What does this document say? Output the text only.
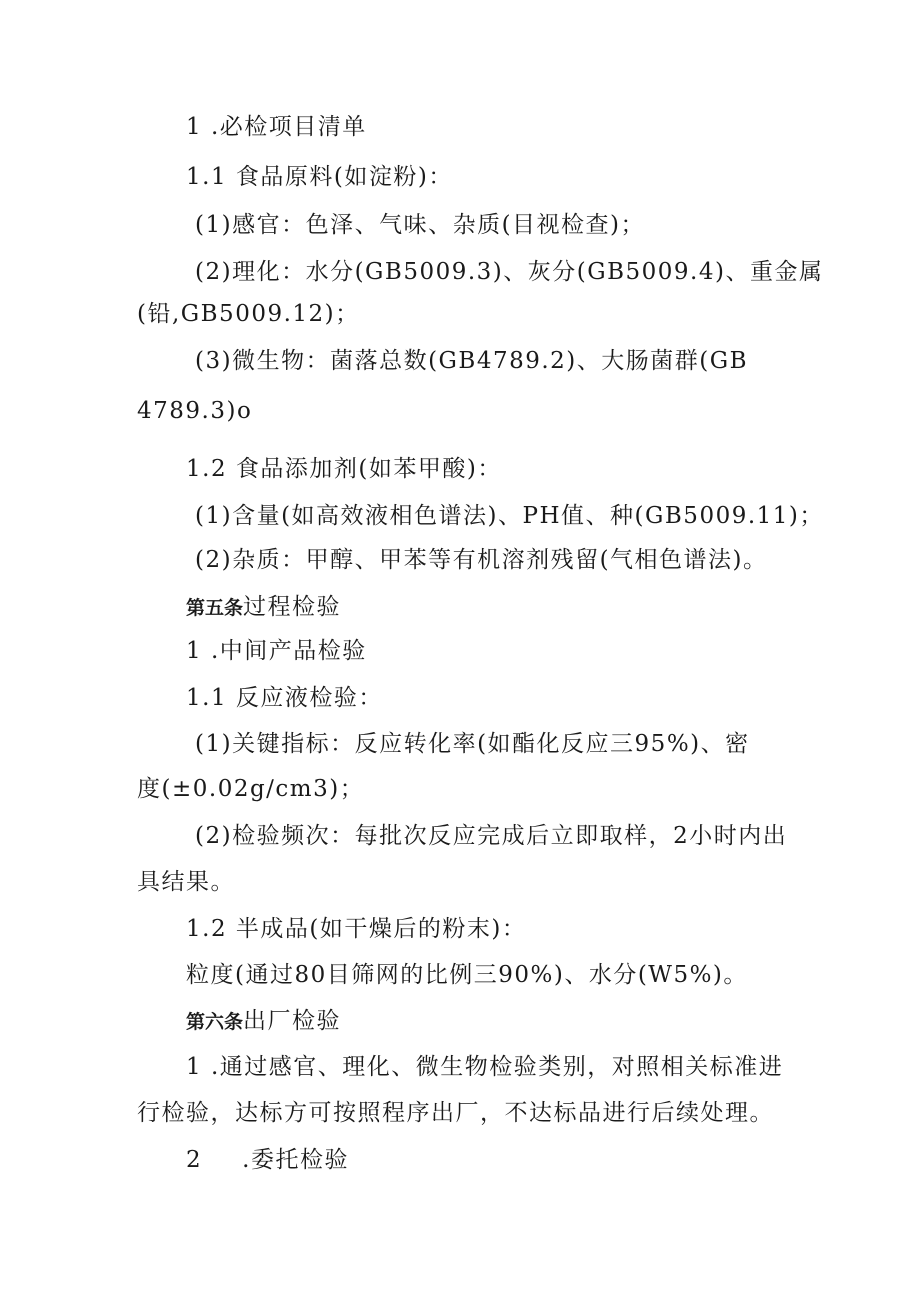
1 .必检项目清单
1.1 食品原料(如淀粉)：
(1)感官：色泽、气味、杂质(目视检查)；
(2)理化：水分(GB5009.3)、灰分(GB5009.4)、重金属
(铅,GB5009.12)；
(3)微生物：菌落总数(GB4789.2)、大肠菌群(GB
4789.3)o
1.2 食品添加剂(如苯甲酸)：
(1)含量(如高效液相色谱法)、PH值、种(GB5009.11)；
(2)杂质：甲醇、甲苯等有机溶剂残留(气相色谱法)。
第五条过程检验
1 .中间产品检验
1.1 反应液检验：
(1)关键指标：反应转化率(如酯化反应三95%)、密
度(±0.02g∕cm3)；
(2)检验频次：每批次反应完成后立即取样，2小时内出
具结果。
1.2 半成品(如干燥后的粉末)：
粒度(通过80目筛网的比例三90%)、水分(W5%)。
第六条出厂检验
1 .通过感官、理化、微生物检验类别，对照相关标准进
行检验，达标方可按照程序出厂，不达标品进行后续处理。
2 .委托检验
